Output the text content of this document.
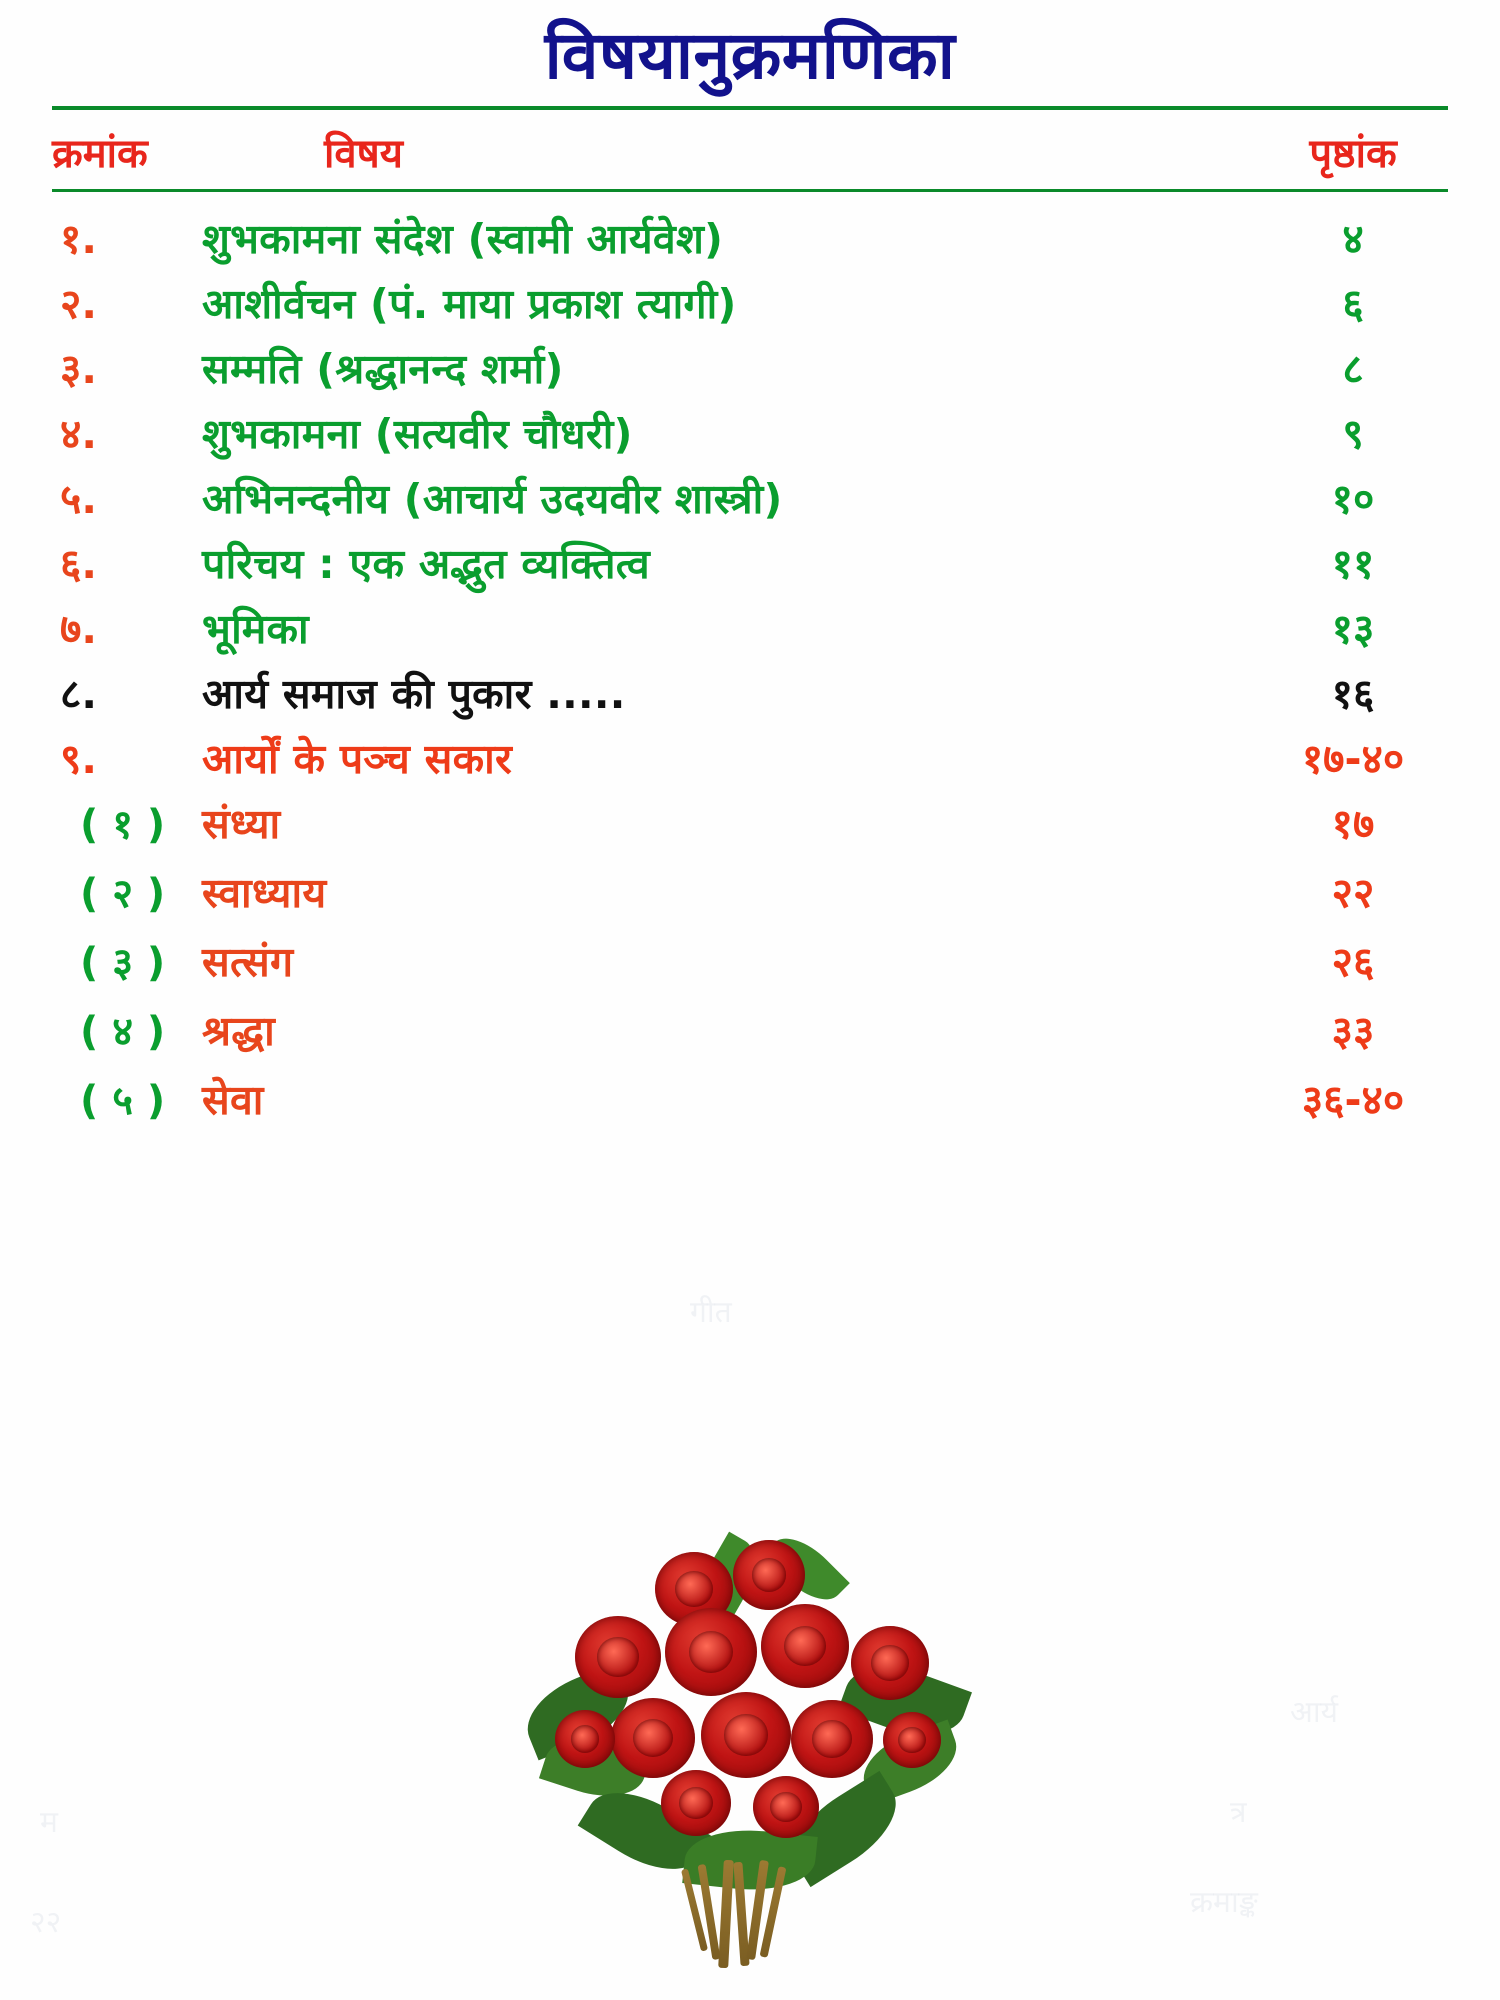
आर्य
म
२२
त्र
क्रमाङ्क
गीत
विषयानुक्रमणिका
क्रमांक	विषय	पृष्ठांक
१.	शुभकामना संदेश (स्वामी आर्यवेश)	४
२.	आशीर्वचन (पं. माया प्रकाश त्यागी)	६
३.	सम्मति (श्रद्धानन्द शर्मा)	८
४.	शुभकामना (सत्यवीर चौधरी)	९
५.	अभिनन्दनीय (आचार्य उदयवीर शास्त्री)	१०
६.	परिचय : एक अद्भुत व्यक्तित्व	११
७.	भूमिका	१३
८.	आर्य समाज की पुकार .....	१६
९.	आर्यों के पञ्च सकार	१७-४०
( १ ) संध्या	१७
( २ ) स्वाध्याय	२२
( ३ ) सत्संग	२६
( ४ ) श्रद्धा	३३
( ५ ) सेवा	३६-४०
